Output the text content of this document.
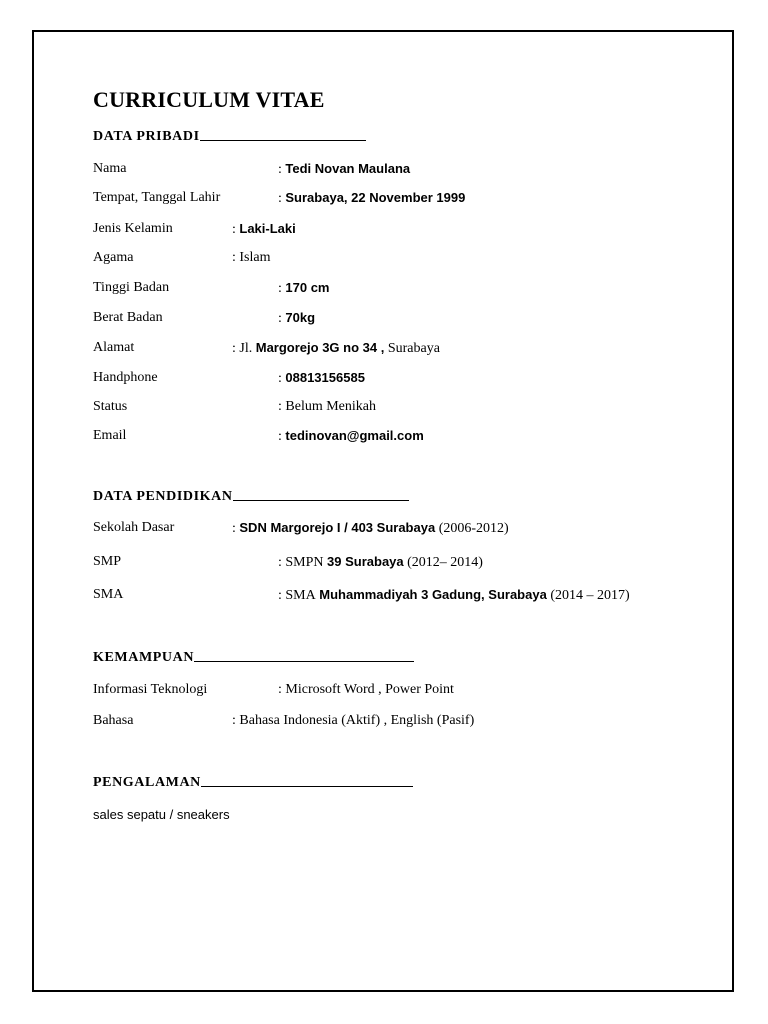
CURRICULUM VITAE
DATA PRIBADI
Nama	: Tedi Novan Maulana
Tempat, Tanggal Lahir	: Surabaya, 22 November 1999
Jenis Kelamin	: Laki-Laki
Agama	: Islam
Tinggi Badan	: 170 cm
Berat Badan	: 70kg
Alamat	: Jl. Margorejo 3G no 34 , Surabaya
Handphone	: 08813156585
Status	: Belum Menikah
Email	: tedinovan@gmail.com
DATA PENDIDIKAN
Sekolah Dasar	: SDN Margorejo I / 403 Surabaya (2006-2012)
SMP	: SMPN 39 Surabaya (2012– 2014)
SMA	: SMA Muhammadiyah 3 Gadung, Surabaya (2014 – 2017)
KEMAMPUAN
Informasi Teknologi	: Microsoft Word , Power Point
Bahasa	: Bahasa Indonesia (Aktif) , English (Pasif)
PENGALAMAN
sales sepatu / sneakers
